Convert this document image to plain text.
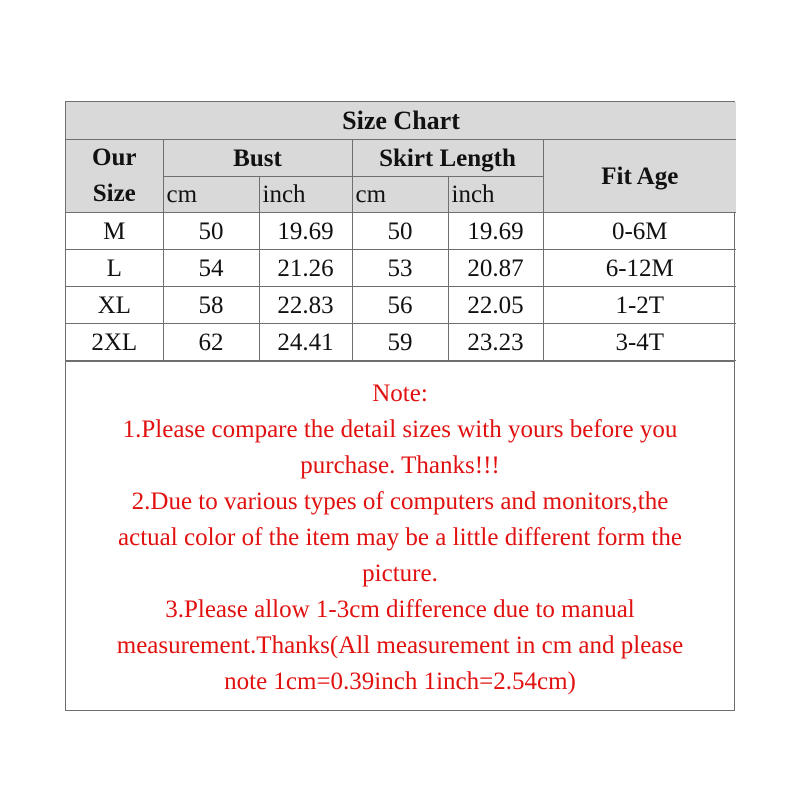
Size Chart					

Our
Size	Bust		Skirt Length		Fit Age
	cm	inch	cm	inch	
M	50	19.69	50	19.69	0-6M
L	54	21.26	53	20.87	6-12M
XL	58	22.83	56	22.05	1-2T
2XL	62	24.41	59	23.23	3-4T
Note:
1.Please compare the detail sizes with yours before you
purchase. Thanks!!!
2.Due to various types of computers and monitors,the
actual color of the item may be a little different form the
picture.
3.Please allow 1-3cm difference due to manual
measurement.Thanks(All measurement in cm and please
note 1cm=0.39inch 1inch=2.54cm)
